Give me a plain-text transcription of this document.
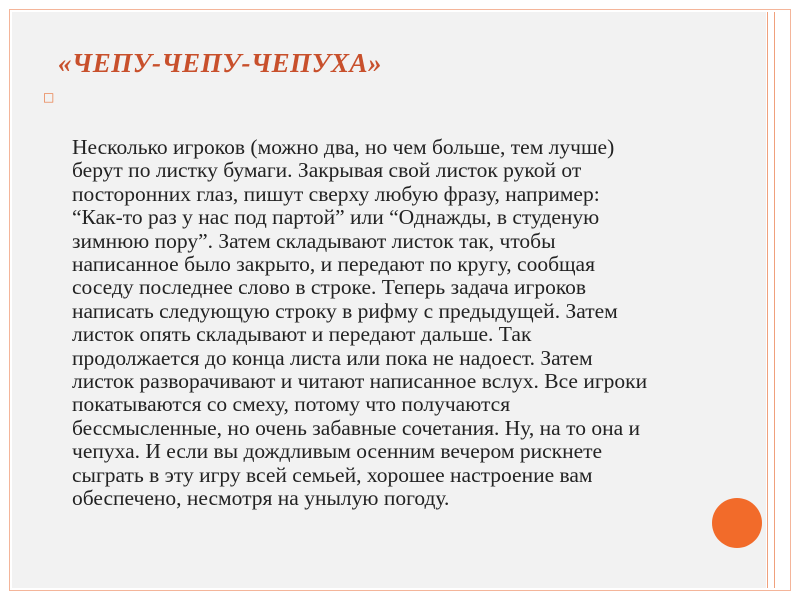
«ЧЕПУ-ЧЕПУ-ЧЕПУХА»
□

Несколько игроков (можно два, но чем больше, тем лучше)
берут по листку бумаги. Закрывая свой листок рукой от
посторонних глаз, пишут сверху любую фразу, например:
“Как-то раз у нас под партой” или “Однажды, в студеную
зимнюю пору”. Затем складывают листок так, чтобы
написанное было закрыто, и передают по кругу, сообщая
соседу последнее слово в строке. Теперь задача игроков
написать следующую строку в рифму с предыдущей. Затем
листок опять складывают и передают дальше. Так
продолжается до конца листа или пока не надоест. Затем
листок разворачивают и читают написанное вслух. Все игроки
покатываются со смеху, потому что получаются
бессмысленные, но очень забавные сочетания. Ну, на то она и
чепуха. И если вы дождливым осенним вечером рискнете
сыграть в эту игру всей семьей, хорошее настроение вам
обеспечено, несмотря на унылую погоду.
